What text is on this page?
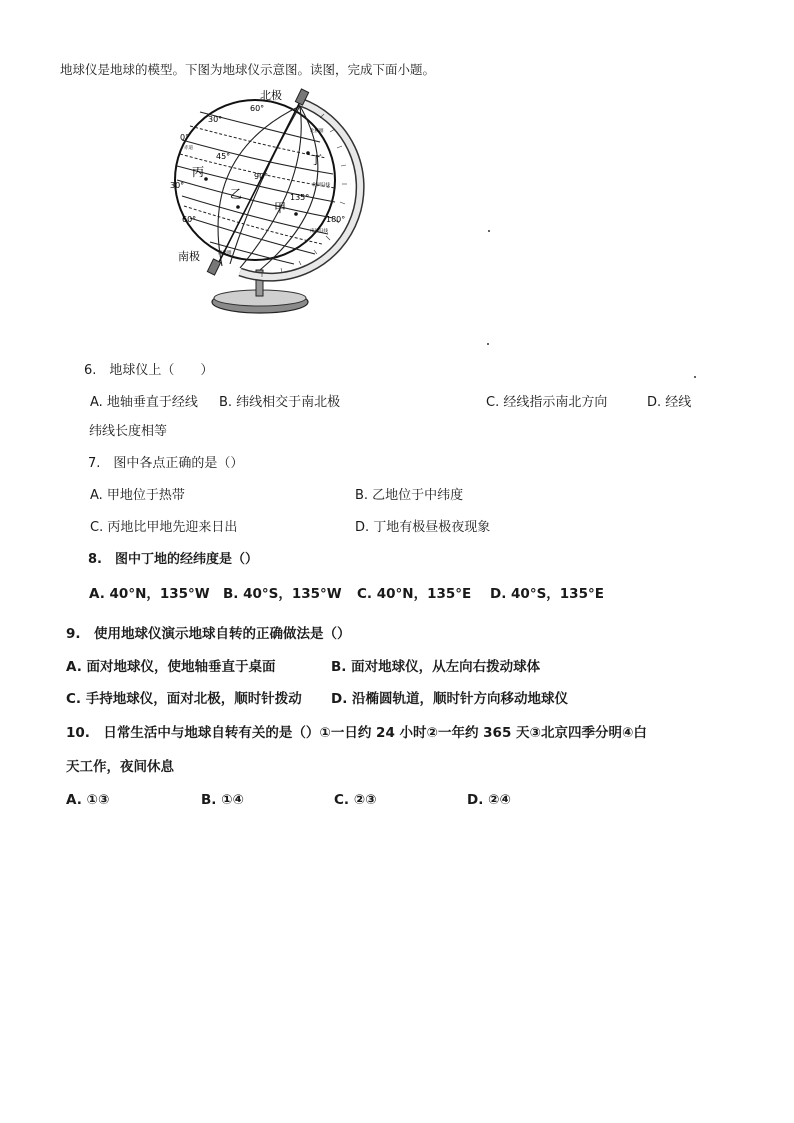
地球仪是地球的模型。下图为地球仪示意图。读图，完成下面小题。
北极
南极
60°
30°
0°
30°
60°
45°
90°
135°
180°
赤道
北极圈
北回归线
南回归线
南极圈
丙
乙
丁
甲
6.　地球仪上（　　）
A. 地轴垂直于经线 B. 纬线相交于南北极	C. 经线指示南北方向	D. 经线
纬线长度相等
7.　图中各点正确的是（）
A. 甲地位于热带	B. 乙地位于中纬度
C. 丙地比甲地先迎来日出	D. 丁地有极昼极夜现象
8.　图中丁地的经纬度是（）
A. 40°N，135°W B. 40°S，135°W C. 40°N，135°E D. 40°S，135°E
9.　使用地球仪演示地球自转的正确做法是（）
A. 面对地球仪，使地轴垂直于桌面	B. 面对地球仪，从左向右拨动球体
C. 手持地球仪，面对北极，顺时针拨动 D. 沿椭圆轨道，顺时针方向移动地球仪
10.　日常生活中与地球自转有关的是（）①一日约 24 小时②一年约 365 天③北京四季分明④白
天工作，夜间休息
A. ①③	B. ①④	C. ②③	D. ②④
